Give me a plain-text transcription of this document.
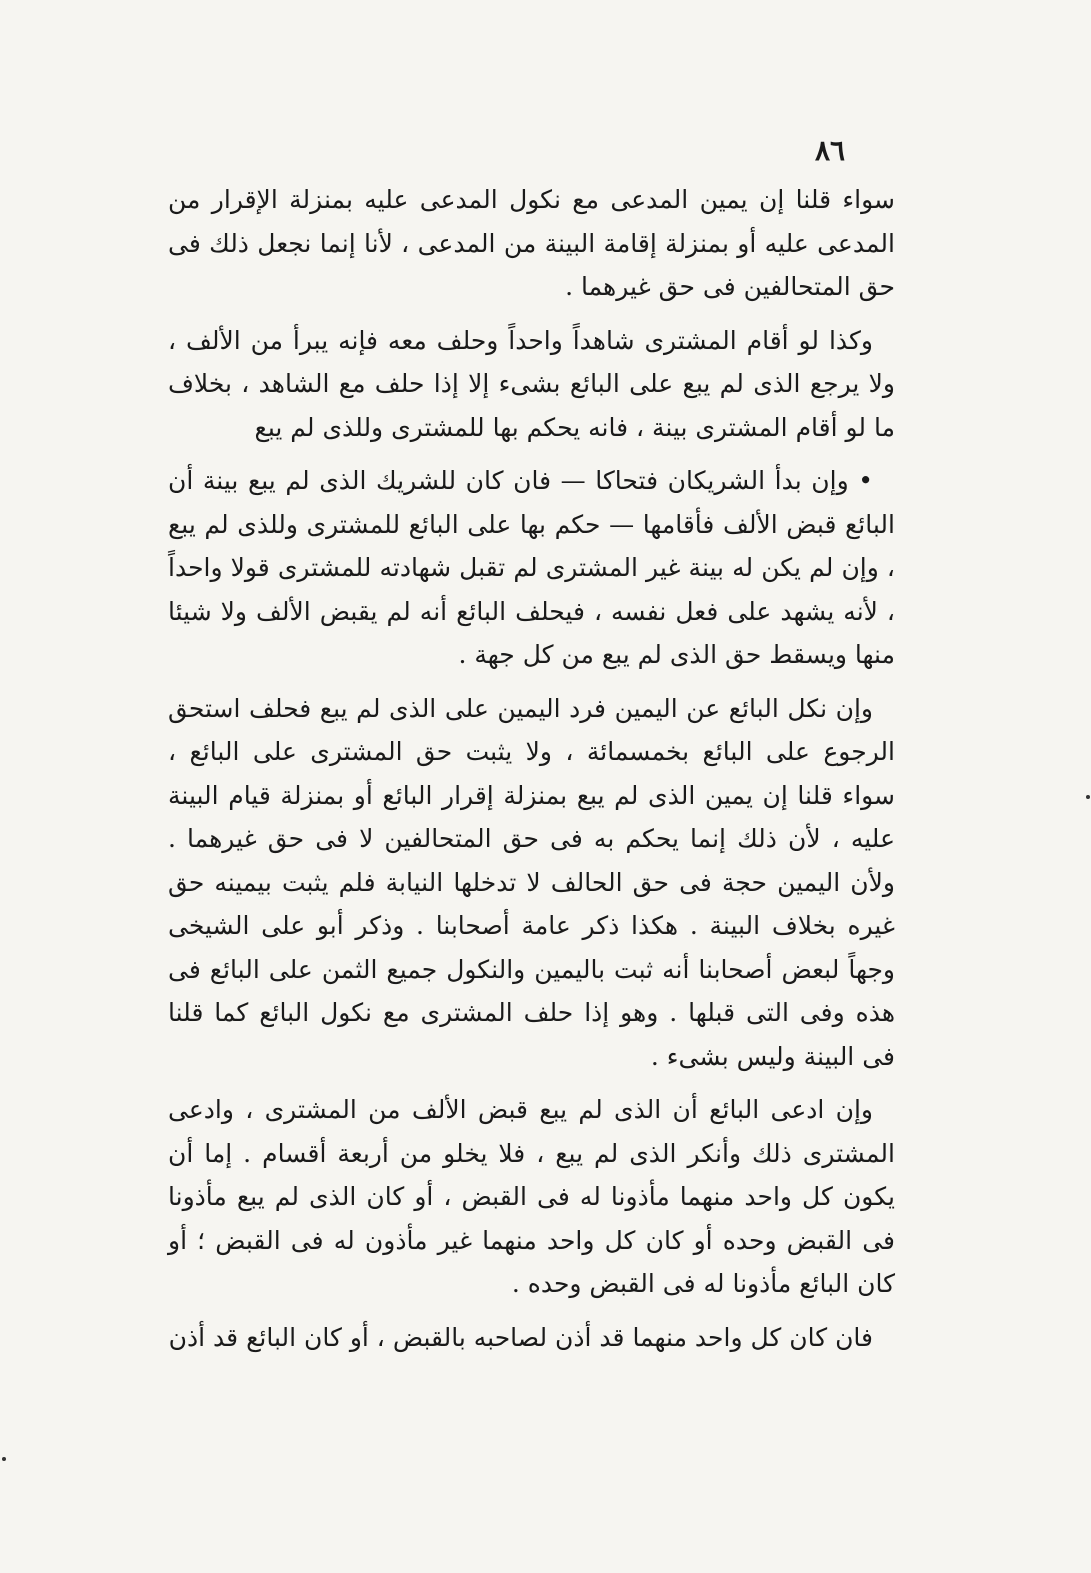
٨٦

سواء قلنا إن يمين المدعى مع نكول المدعى عليه بمنزلة الإقرار من المدعى عليه أو بمنزلة إقامة البينة من المدعى ، لأنا إنما نجعل ذلك فى حق المتحالفين فى حق غيرهما .

وكذا لو أقام المشترى شاهداً واحداً وحلف معه فإنه يبرأ من الألف ، ولا يرجع الذى لم يبع على البائع بشىء إلا إذا حلف مع الشاهد ، بخلاف ما لو أقام المشترى بينة ، فانه يحكم بها للمشترى وللذى لم يبع

• وإن بدأ الشريكان فتحاكا — فان كان للشريك الذى لم يبع بينة أن البائع قبض الألف فأقامها — حكم بها على البائع للمشترى وللذى لم يبع ، وإن لم يكن له بينة غير المشترى لم تقبل شهادته للمشترى قولا واحداً ، لأنه يشهد على فعل نفسه ، فيحلف البائع أنه لم يقبض الألف ولا شيئا منها ويسقط حق الذى لم يبع من كل جهة .

وإن نكل البائع عن اليمين فرد اليمين على الذى لم يبع فحلف استحق الرجوع على البائع بخمسمائة ، ولا يثبت حق المشترى على البائع ، سواء قلنا إن يمين الذى لم يبع بمنزلة إقرار البائع أو بمنزلة قيام البينة عليه ، لأن ذلك إنما يحكم به فى حق المتحالفين لا فى حق غيرهما . ولأن اليمين حجة فى حق الحالف لا تدخلها النيابة فلم يثبت بيمينه حق غيره بخلاف البينة . هكذا ذكر عامة أصحابنا . وذكر أبو على الشيخى وجهاً لبعض أصحابنا أنه ثبت باليمين والنكول جميع الثمن على البائع فى هذه وفى التى قبلها . وهو إذا حلف المشترى مع نكول البائع كما قلنا فى البينة وليس بشىء .

وإن ادعى البائع أن الذى لم يبع قبض الألف من المشترى ، وادعى المشترى ذلك وأنكر الذى لم يبع ، فلا يخلو من أربعة أقسام . إما أن يكون كل واحد منهما مأذونا له فى القبض ، أو كان الذى لم يبع مأذونا فى القبض وحده أو كان كل واحد منهما غير مأذون له فى القبض ؛ أو كان البائع مأذونا له فى القبض وحده .

فان كان كل واحد منهما قد أذن لصاحبه بالقبض ، أو كان البائع قد أذن
